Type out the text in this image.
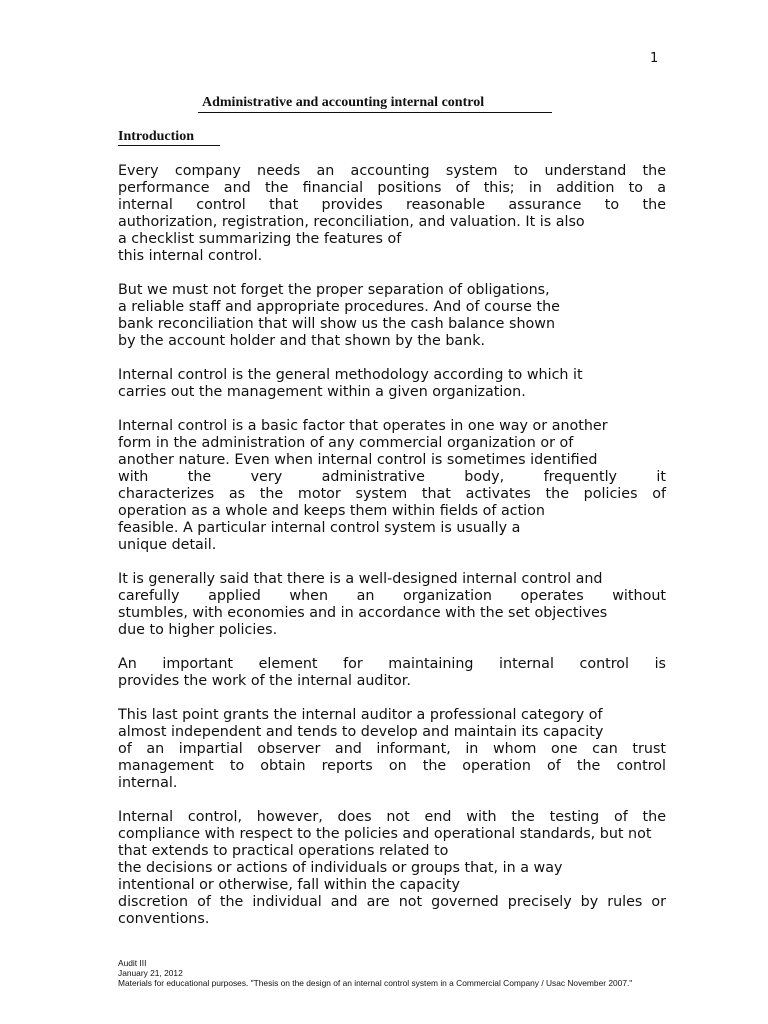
1
Administrative and accounting internal control
Introduction
Every company needs an accounting system to understand the
performance and the financial positions of this; in addition to a
internal control that provides reasonable assurance to the
authorization, registration, reconciliation, and valuation. It is also
a checklist summarizing the features of
this internal control.
But we must not forget the proper separation of obligations,
a reliable staff and appropriate procedures. And of course the
bank reconciliation that will show us the cash balance shown
by the account holder and that shown by the bank.
Internal control is the general methodology according to which it
carries out the management within a given organization.
Internal control is a basic factor that operates in one way or another
form in the administration of any commercial organization or of
another nature. Even when internal control is sometimes identified
with the very administrative body, frequently it
characterizes as the motor system that activates the policies of
operation as a whole and keeps them within fields of action
feasible. A particular internal control system is usually a
unique detail.
It is generally said that there is a well-designed internal control and
carefully applied when an organization operates without
stumbles, with economies and in accordance with the set objectives
due to higher policies.
An important element for maintaining internal control is
provides the work of the internal auditor.
This last point grants the internal auditor a professional category of
almost independent and tends to develop and maintain its capacity
of an impartial observer and informant, in whom one can trust
management to obtain reports on the operation of the control
internal.
Internal control, however, does not end with the testing of the
compliance with respect to the policies and operational standards, but not
that extends to practical operations related to
the decisions or actions of individuals or groups that, in a way
intentional or otherwise, fall within the capacity
discretion of the individual and are not governed precisely by rules or
conventions.
Audit III
January 21, 2012
Materials for educational purposes. "Thesis on the design of an internal control system in a Commercial Company / Usac November 2007."
